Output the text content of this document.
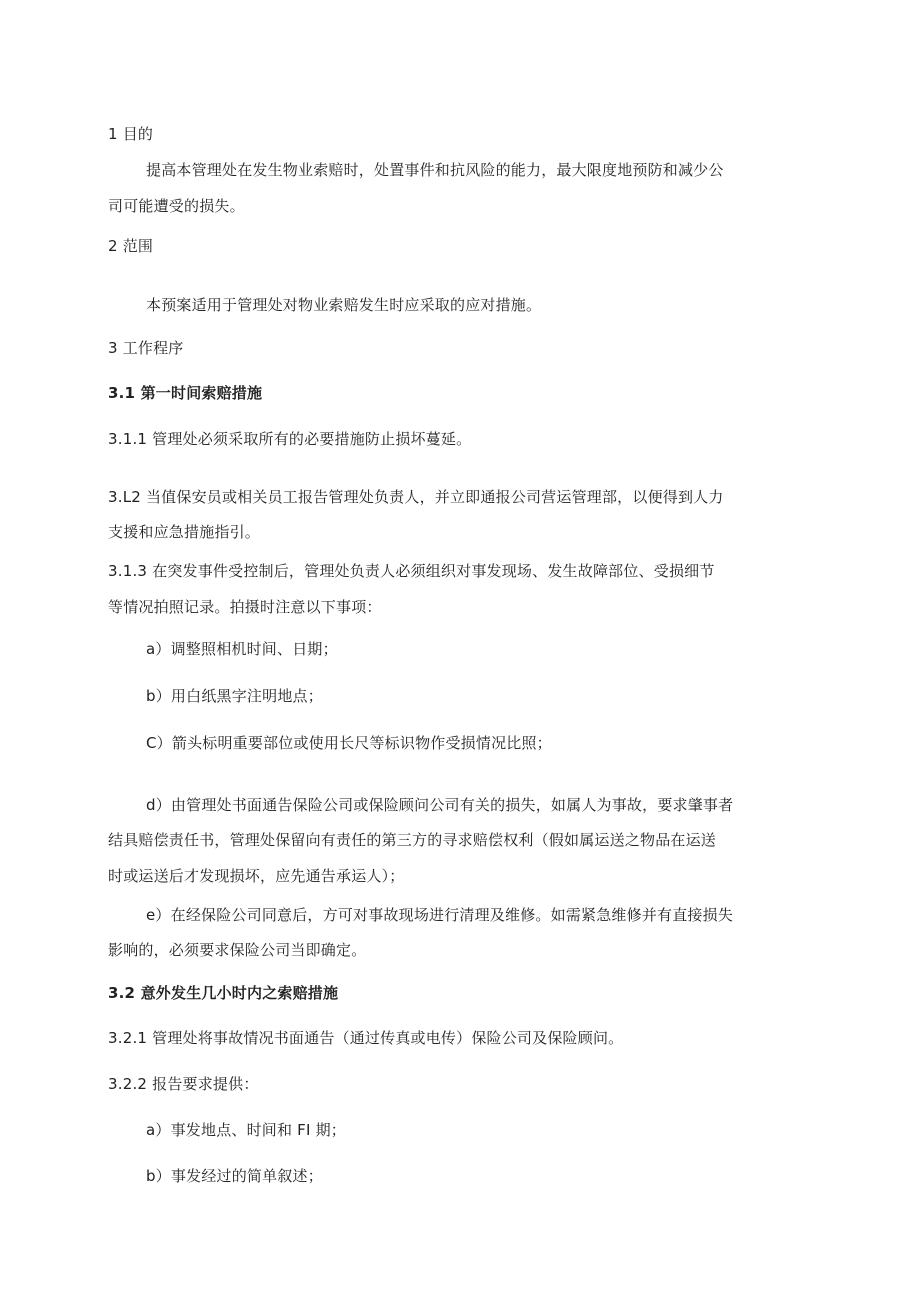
1 目的
提高本管理处在发生物业索赔时，处置事件和抗风险的能力，最大限度地预防和减少公
司可能遭受的损失。
2 范围
本预案适用于管理处对物业索赔发生时应采取的应对措施。
3 工作程序
3.1 第一时间索赔措施
3.1.1 管理处必须采取所有的必要措施防止损坏蔓延。
3.L2 当值保安员或相关员工报告管理处负责人，并立即通报公司营运管理部，以便得到人力
支援和应急措施指引。
3.1.3 在突发事件受控制后，管理处负责人必须组织对事发现场、发生故障部位、受损细节
等情况拍照记录。拍摄时注意以下事项：
a）调整照相机时间、日期；
b）用白纸黑字注明地点；
C）箭头标明重要部位或使用长尺等标识物作受损情况比照；
d）由管理处书面通告保险公司或保险顾问公司有关的损失，如属人为事故，要求肇事者
结具赔偿责任书，管理处保留向有责任的第三方的寻求赔偿权利（假如属运送之物品在运送
时或运送后才发现损坏，应先通告承运人）；
e）在经保险公司同意后，方可对事故现场进行清理及维修。如需紧急维修并有直接损失
影响的，必须要求保险公司当即确定。
3.2 意外发生几小时内之索赔措施
3.2.1 管理处将事故情况书面通告（通过传真或电传）保险公司及保险顾问。
3.2.2 报告要求提供：
a）事发地点、时间和 FI 期；
b）事发经过的简单叙述；
